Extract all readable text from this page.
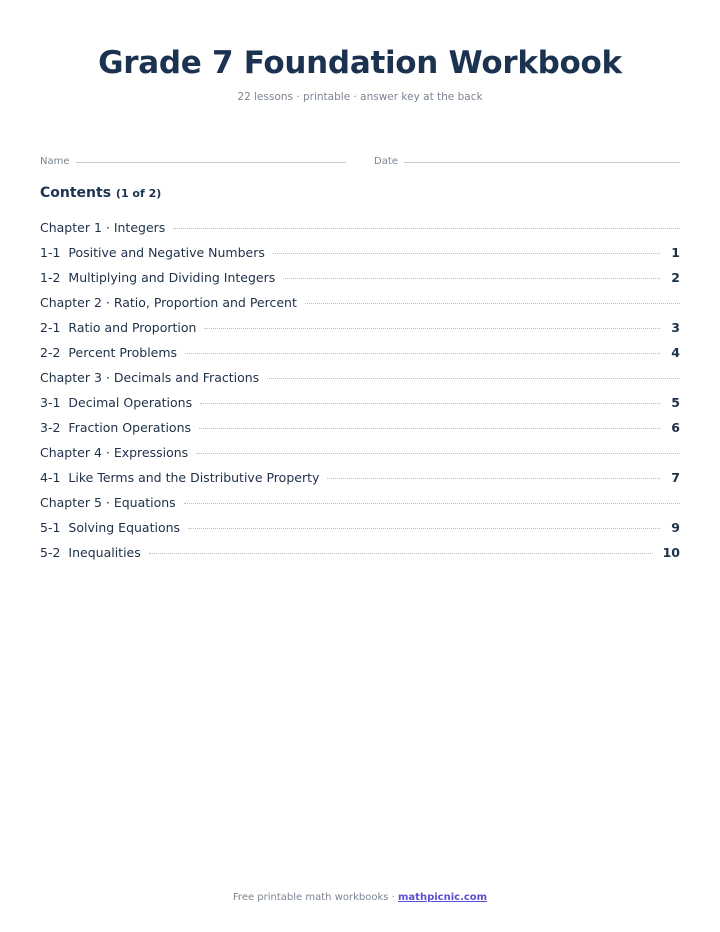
Grade 7 Foundation Workbook
22 lessons · printable · answer key at the back
Name	Date
Contents (1 of 2)
Chapter 1 · Integers
1-1 Positive and Negative Numbers	1
1-2 Multiplying and Dividing Integers	2
Chapter 2 · Ratio, Proportion and Percent
2-1 Ratio and Proportion	3
2-2 Percent Problems	4
Chapter 3 · Decimals and Fractions
3-1 Decimal Operations	5
3-2 Fraction Operations	6
Chapter 4 · Expressions
4-1 Like Terms and the Distributive Property	7
Chapter 5 · Equations
5-1 Solving Equations	9
5-2 Inequalities	10
Free printable math workbooks · mathpicnic.com
